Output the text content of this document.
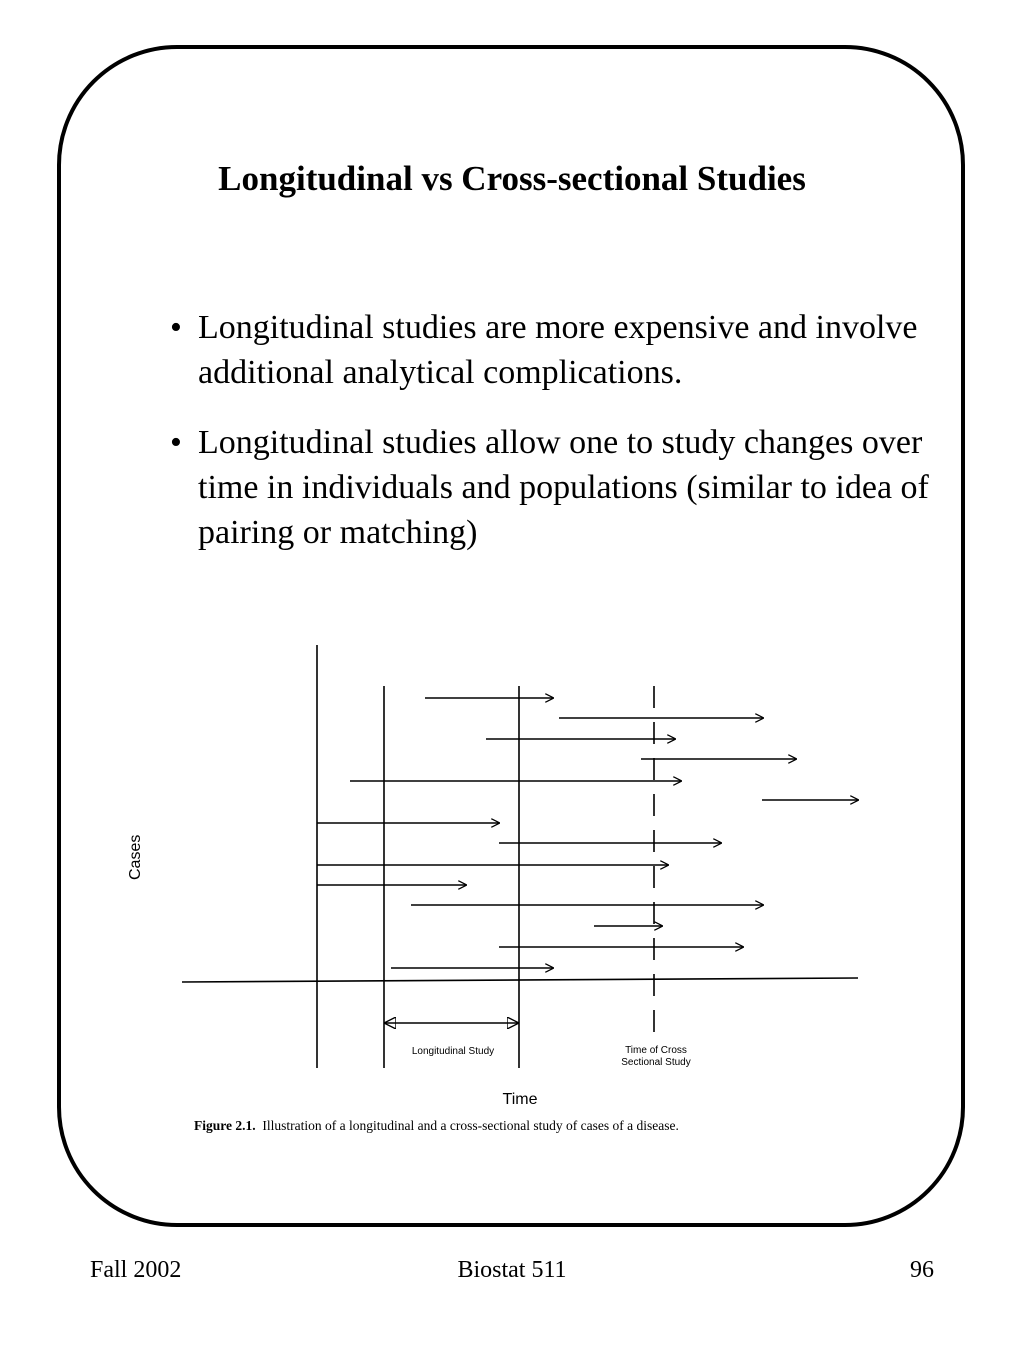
Longitudinal vs Cross-sectional Studies
• Longitudinal studies are more expensive and involve additional analytical complications.
• Longitudinal studies allow one to study changes over time in individuals and populations (similar to idea of pairing or matching)
Cases
Longitudinal Study	Time of Cross Sectional Study
Time
Figure 2.1. Illustration of a longitudinal and a cross-sectional study of cases of a disease.
Fall 2002	Biostat 511	96
